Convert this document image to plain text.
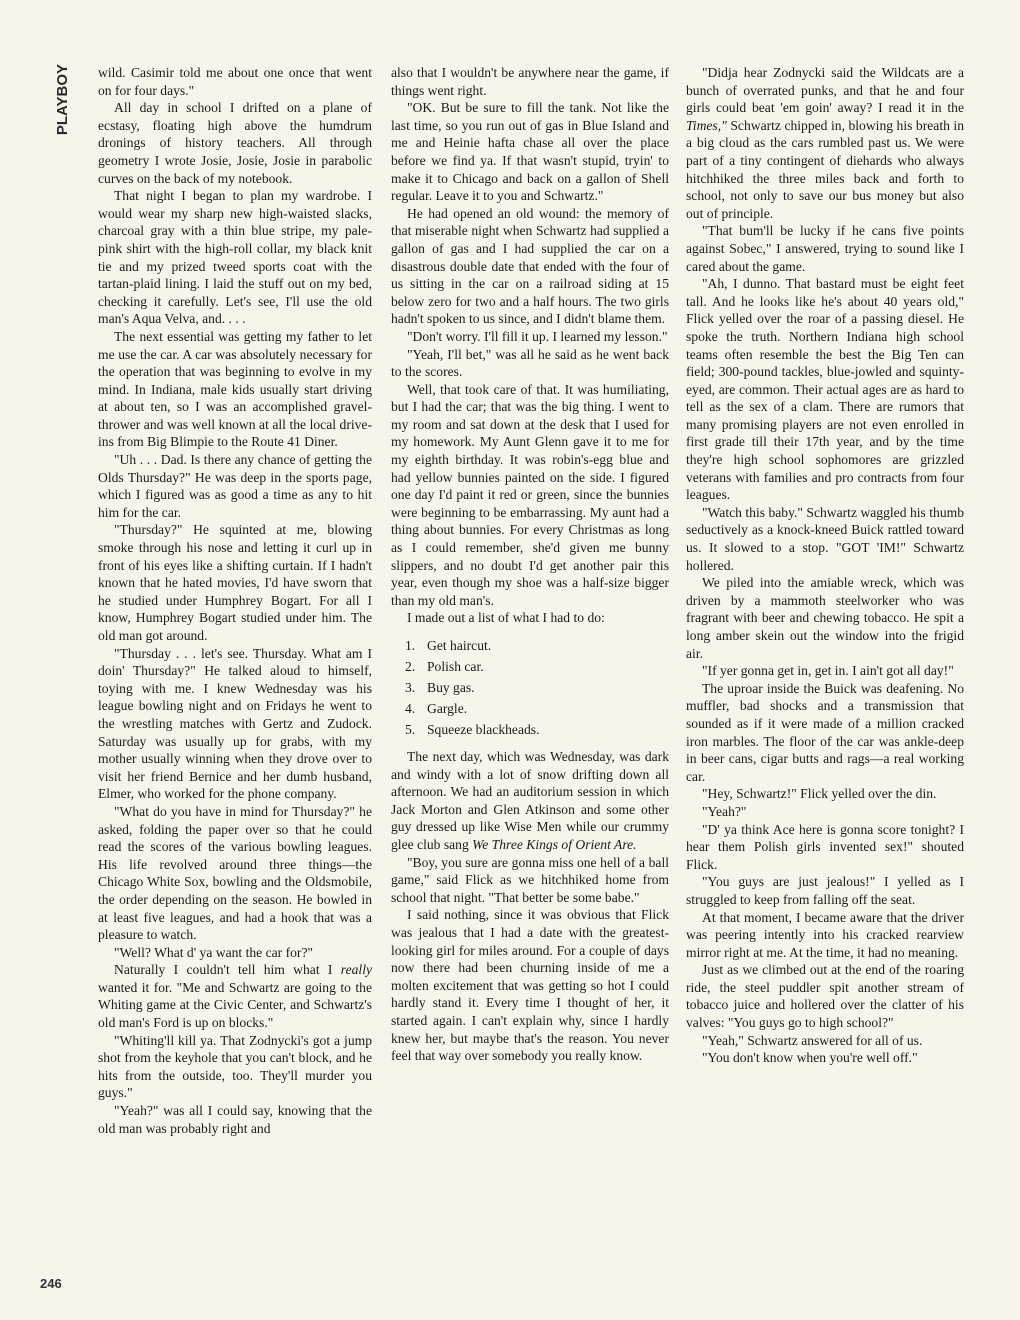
PLAYBOY	wild. Casimir told me about one once that went on for four days."

All day in school I drifted on a plane of ecstasy, floating high above the humdrum dronings of history teachers. All through geometry I wrote Josie, Josie, Josie in parabolic curves on the back of my notebook.

That night I began to plan my wardrobe. I would wear my sharp new high-waisted slacks, charcoal gray with a thin blue stripe, my pale-pink shirt with the high-roll collar, my black knit tie and my prized tweed sports coat with the tartan-plaid lining. I laid the stuff out on my bed, checking it carefully. Let's see, I'll use the old man's Aqua Velva, and. . . .

The next essential was getting my father to let me use the car. A car was absolutely necessary for the operation that was beginning to evolve in my mind. In Indiana, male kids usually start driving at about ten, so I was an accomplished gravel-thrower and was well known at all the local drive-ins from Big Blimpie to the Route 41 Diner.

"Uh . . . Dad. Is there any chance of getting the Olds Thursday?" He was deep in the sports page, which I figured was as good a time as any to hit him for the car.

"Thursday?" He squinted at me, blowing smoke through his nose and letting it curl up in front of his eyes like a shifting curtain. If I hadn't known that he hated movies, I'd have sworn that he studied under Humphrey Bogart. For all I know, Humphrey Bogart studied under him. The old man got around.

"Thursday . . . let's see. Thursday. What am I doin' Thursday?" He talked aloud to himself, toying with me. I knew Wednesday was his league bowling night and on Fridays he went to the wrestling matches with Gertz and Zudock. Saturday was usually up for grabs, with my mother usually winning when they drove over to visit her friend Bernice and her dumb husband, Elmer, who worked for the phone company.

"What do you have in mind for Thursday?" he asked, folding the paper over so that he could read the scores of the various bowling leagues. His life revolved around three things—the Chicago White Sox, bowling and the Oldsmobile, the order depending on the season. He bowled in at least five leagues, and had a hook that was a pleasure to watch.

"Well? What d' ya want the car for?"

Naturally I couldn't tell him what I really wanted it for. "Me and Schwartz are going to the Whiting game at the Civic Center, and Schwartz's old man's Ford is up on blocks."

"Whiting'll kill ya. That Zodnycki's got a jump shot from the keyhole that you can't block, and he hits from the outside, too. They'll murder you guys."

"Yeah?" was all I could say, knowing that the old man was probably right and

also that I wouldn't be anywhere near the game, if things went right.

"OK. But be sure to fill the tank. Not like the last time, so you run out of gas in Blue Island and me and Heinie hafta chase all over the place before we find ya. If that wasn't stupid, tryin' to make it to Chicago and back on a gallon of Shell regular. Leave it to you and Schwartz."

He had opened an old wound: the memory of that miserable night when Schwartz had supplied a gallon of gas and I had supplied the car on a disastrous double date that ended with the four of us sitting in the car on a railroad siding at 15 below zero for two and a half hours. The two girls hadn't spoken to us since, and I didn't blame them.

"Don't worry. I'll fill it up. I learned my lesson."

"Yeah, I'll bet," was all he said as he went back to the scores.

Well, that took care of that. It was humiliating, but I had the car; that was the big thing. I went to my room and sat down at the desk that I used for my homework. My Aunt Glenn gave it to me for my eighth birthday. It was robin's-egg blue and had yellow bunnies painted on the side. I figured one day I'd paint it red or green, since the bunnies were beginning to be embarrassing. My aunt had a thing about bunnies. For every Christmas as long as I could remember, she'd given me bunny slippers, and no doubt I'd get another pair this year, even though my shoe was a half-size bigger than my old man's.

I made out a list of what I had to do:

1. Get haircut.
2. Polish car.
3. Buy gas.
4. Gargle.
5. Squeeze blackheads.

The next day, which was Wednesday, was dark and windy with a lot of snow drifting down all afternoon. We had an auditorium session in which Jack Morton and Glen Atkinson and some other guy dressed up like Wise Men while our crummy glee club sang We Three Kings of Orient Are.

"Boy, you sure are gonna miss one hell of a ball game," said Flick as we hitchhiked home from school that night. "That better be some babe."

I said nothing, since it was obvious that Flick was jealous that I had a date with the greatest-looking girl for miles around. For a couple of days now there had been churning inside of me a molten excitement that was getting so hot I could hardly stand it. Every time I thought of her, it started again. I can't explain why, since I hardly knew her, but maybe that's the reason. You never feel that way over somebody you really know.

"Didja hear Zodnycki said the Wildcats are a bunch of overrated punks, and that he and four girls could beat 'em goin' away? I read it in the Times," Schwartz chipped in, blowing his breath in a big cloud as the cars rumbled past us. We were part of a tiny contingent of diehards who always hitchhiked the three miles back and forth to school, not only to save our bus money but also out of principle.

"That bum'll be lucky if he cans five points against Sobec," I answered, trying to sound like I cared about the game.

"Ah, I dunno. That bastard must be eight feet tall. And he looks like he's about 40 years old," Flick yelled over the roar of a passing diesel. He spoke the truth. Northern Indiana high school teams often resemble the best the Big Ten can field; 300-pound tackles, blue-jowled and squinty-eyed, are common. Their actual ages are as hard to tell as the sex of a clam. There are rumors that many promising players are not even enrolled in first grade till their 17th year, and by the time they're high school sophomores are grizzled veterans with families and pro contracts from four leagues.

"Watch this baby." Schwartz waggled his thumb seductively as a knock-kneed Buick rattled toward us. It slowed to a stop. "GOT 'IM!" Schwartz hollered.

We piled into the amiable wreck, which was driven by a mammoth steelworker who was fragrant with beer and chewing tobacco. He spit a long amber skein out the window into the frigid air.

"If yer gonna get in, get in. I ain't got all day!"

The uproar inside the Buick was deafening. No muffler, bad shocks and a transmission that sounded as if it were made of a million cracked iron marbles. The floor of the car was ankle-deep in beer cans, cigar butts and rags—a real working car.

"Hey, Schwartz!" Flick yelled over the din.

"Yeah?"

"D' ya think Ace here is gonna score tonight? I hear them Polish girls invented sex!" shouted Flick.

"You guys are just jealous!" I yelled as I struggled to keep from falling off the seat.

At that moment, I became aware that the driver was peering intently into his cracked rearview mirror right at me. At the time, it had no meaning.

Just as we climbed out at the end of the roaring ride, the steel puddler spit another stream of tobacco juice and hollered over the clatter of his valves: "You guys go to high school?"

"Yeah," Schwartz answered for all of us.

"You don't know when you're well off."

246
